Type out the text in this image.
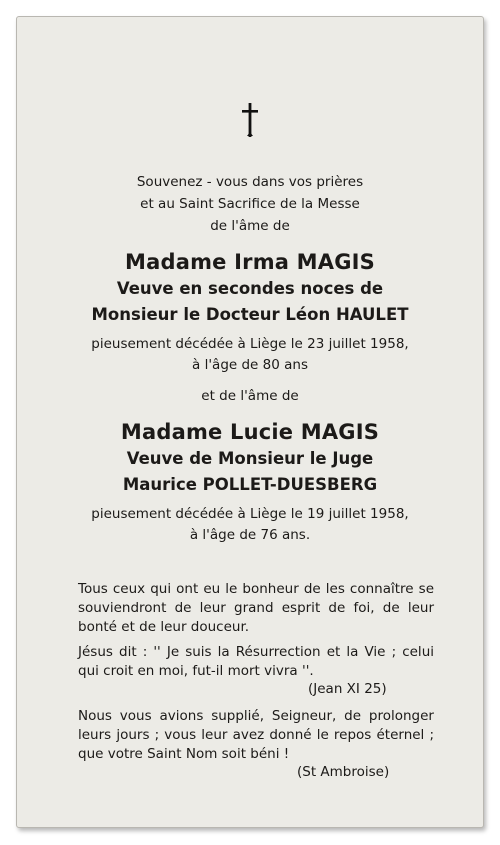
Souvenez - vous dans vos prières
et au Saint Sacrifice de la Messe
de l'âme de
Madame Irma MAGIS
Veuve en secondes noces de
Monsieur le Docteur Léon HAULET
pieusement décédée à Liège le 23 juillet 1958,
à l'âge de 80 ans
et de l'âme de
Madame Lucie MAGIS
Veuve de Monsieur le Juge
Maurice POLLET-DUESBERG
pieusement décédée à Liège le 19 juillet 1958,
à l'âge de 76 ans.
Tous ceux qui ont eu le bonheur de les connaître se souviendront de leur grand esprit de foi, de leur bonté et de leur douceur.
Jésus dit : '' Je suis la Résurrection et la Vie ; celui qui croit en moi, fut-il mort vivra ''.
(Jean XI 25)
Nous vous avions supplié, Seigneur, de prolonger leurs jours ; vous leur avez donné le repos éternel ; que votre Saint Nom soit béni !
(St Ambroise)
